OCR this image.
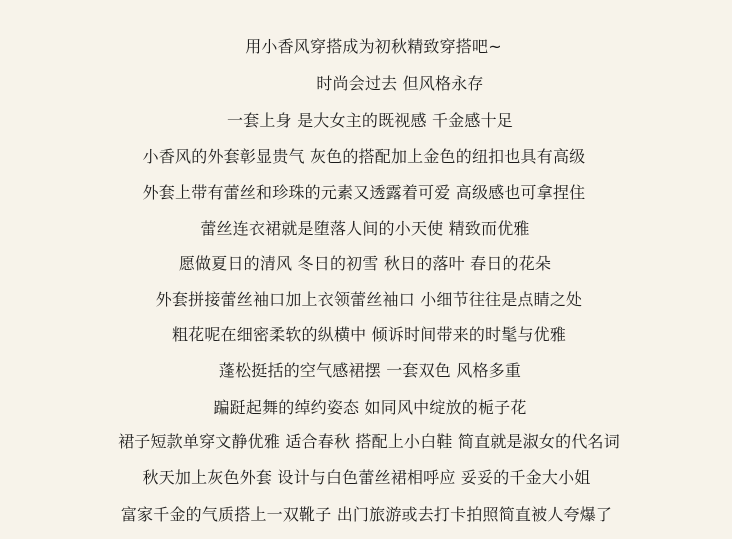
用小香风穿搭成为初秋精致穿搭吧~
时尚会过去 但风格永存
一套上身 是大女主的既视感 千金感十足
小香风的外套彰显贵气 灰色的搭配加上金色的纽扣也具有高级
外套上带有蕾丝和珍珠的元素又透露着可爱 高级感也可拿捏住
蕾丝连衣裙就是堕落人间的小天使 精致而优雅
愿做夏日的清风 冬日的初雪 秋日的落叶 春日的花朵
外套拼接蕾丝袖口加上衣领蕾丝袖口 小细节往往是点睛之处
粗花呢在细密柔软的纵横中 倾诉时间带来的时髦与优雅
蓬松挺括的空气感裙摆 一套双色 风格多重
蹁跹起舞的绰约姿态 如同风中绽放的栀子花
裙子短款单穿文静优雅 适合春秋 搭配上小白鞋 简直就是淑女的代名词
秋天加上灰色外套 设计与白色蕾丝裙相呼应 妥妥的千金大小姐
富家千金的气质搭上一双靴子 出门旅游或去打卡拍照简直被人夸爆了
